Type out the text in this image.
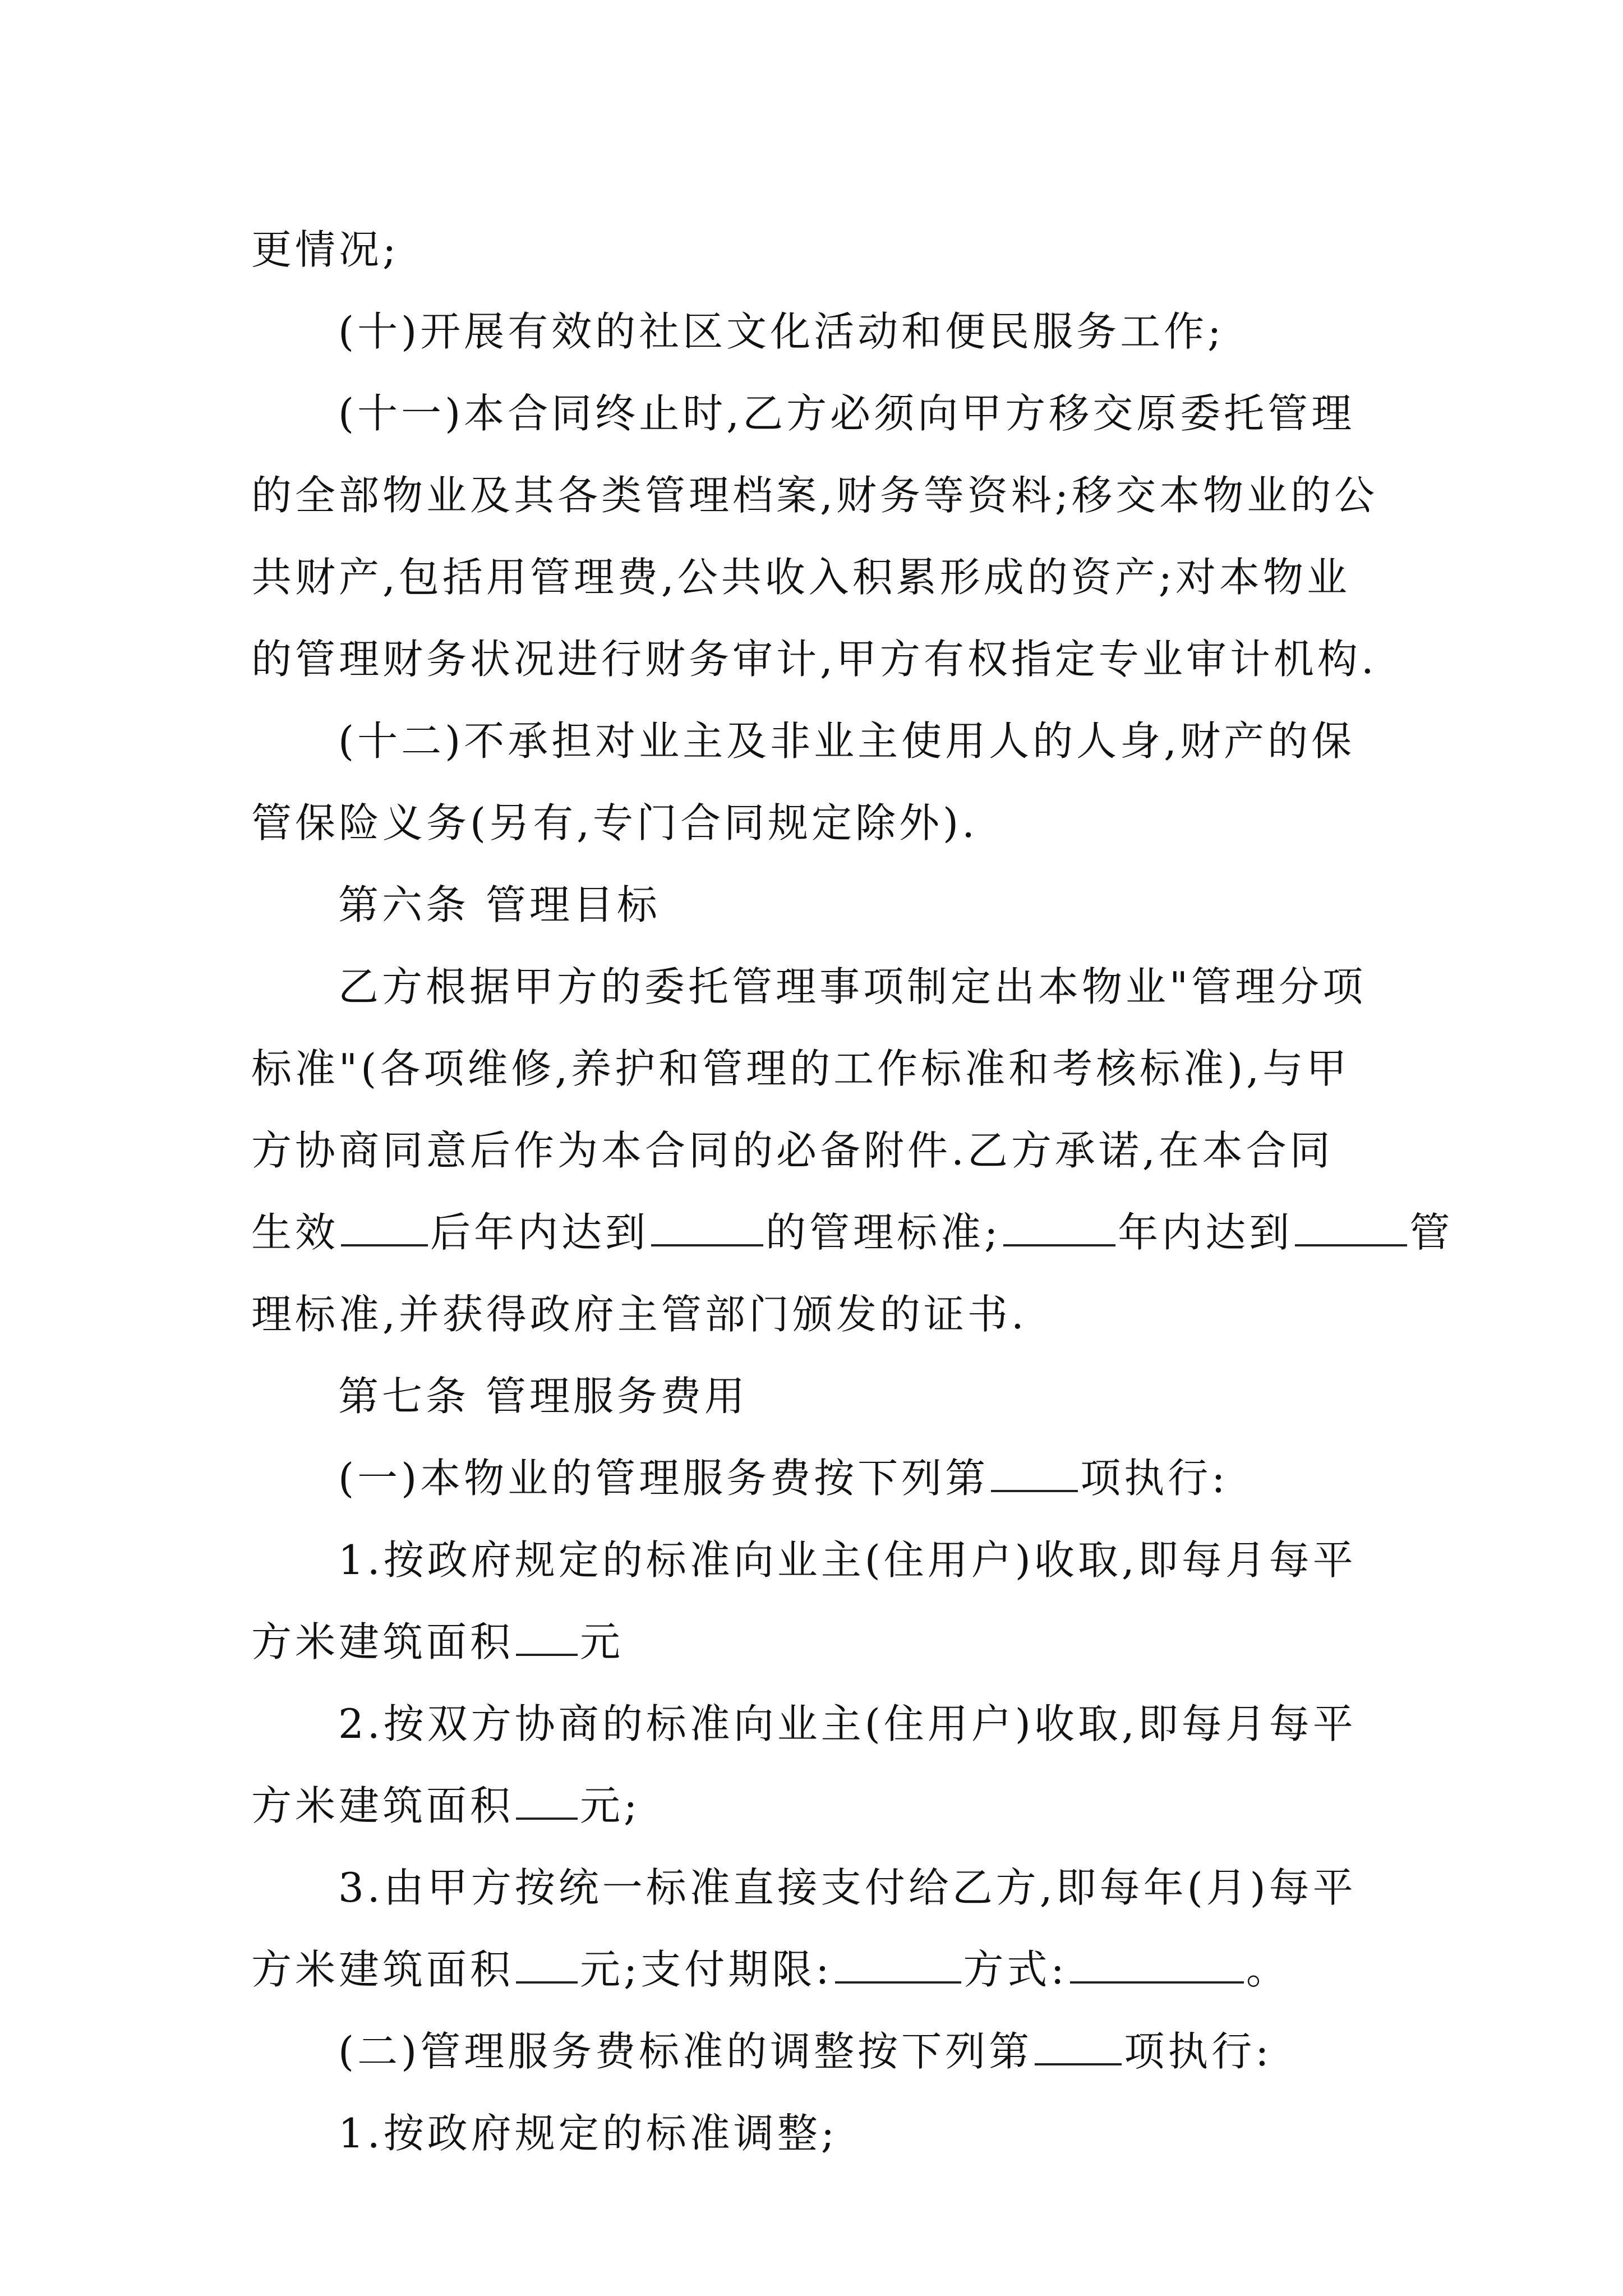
更情况;
(十)开展有效的社区文化活动和便民服务工作;
(十一)本合同终止时,乙方必须向甲方移交原委托管理
的全部物业及其各类管理档案,财务等资料;移交本物业的公
共财产,包括用管理费,公共收入积累形成的资产;对本物业
的管理财务状况进行财务审计,甲方有权指定专业审计机构.
(十二)不承担对业主及非业主使用人的人身,财产的保
管保险义务(另有,专门合同规定除外).
第六条 管理目标
乙方根据甲方的委托管理事项制定出本物业"管理分项
标准"(各项维修,养护和管理的工作标准和考核标准),与甲
方协商同意后作为本合同的必备附件.乙方承诺,在本合同
生效 后年内达到	的管理标准;	年内达到	管
理标准,并获得政府主管部门颁发的证书.
第七条 管理服务费用
(一)本物业的管理服务费按下列第 项执行:
1.按政府规定的标准向业主(住用户)收取,即每月每平
方米建筑面积 元
2.按双方协商的标准向业主(住用户)收取,即每月每平
方米建筑面积 元;
3.由甲方按统一标准直接支付给乙方,即每年(月)每平
方米建筑面积 元;支付期限:	方式:	。
(二)管理服务费标准的调整按下列第 项执行:
1.按政府规定的标准调整;
